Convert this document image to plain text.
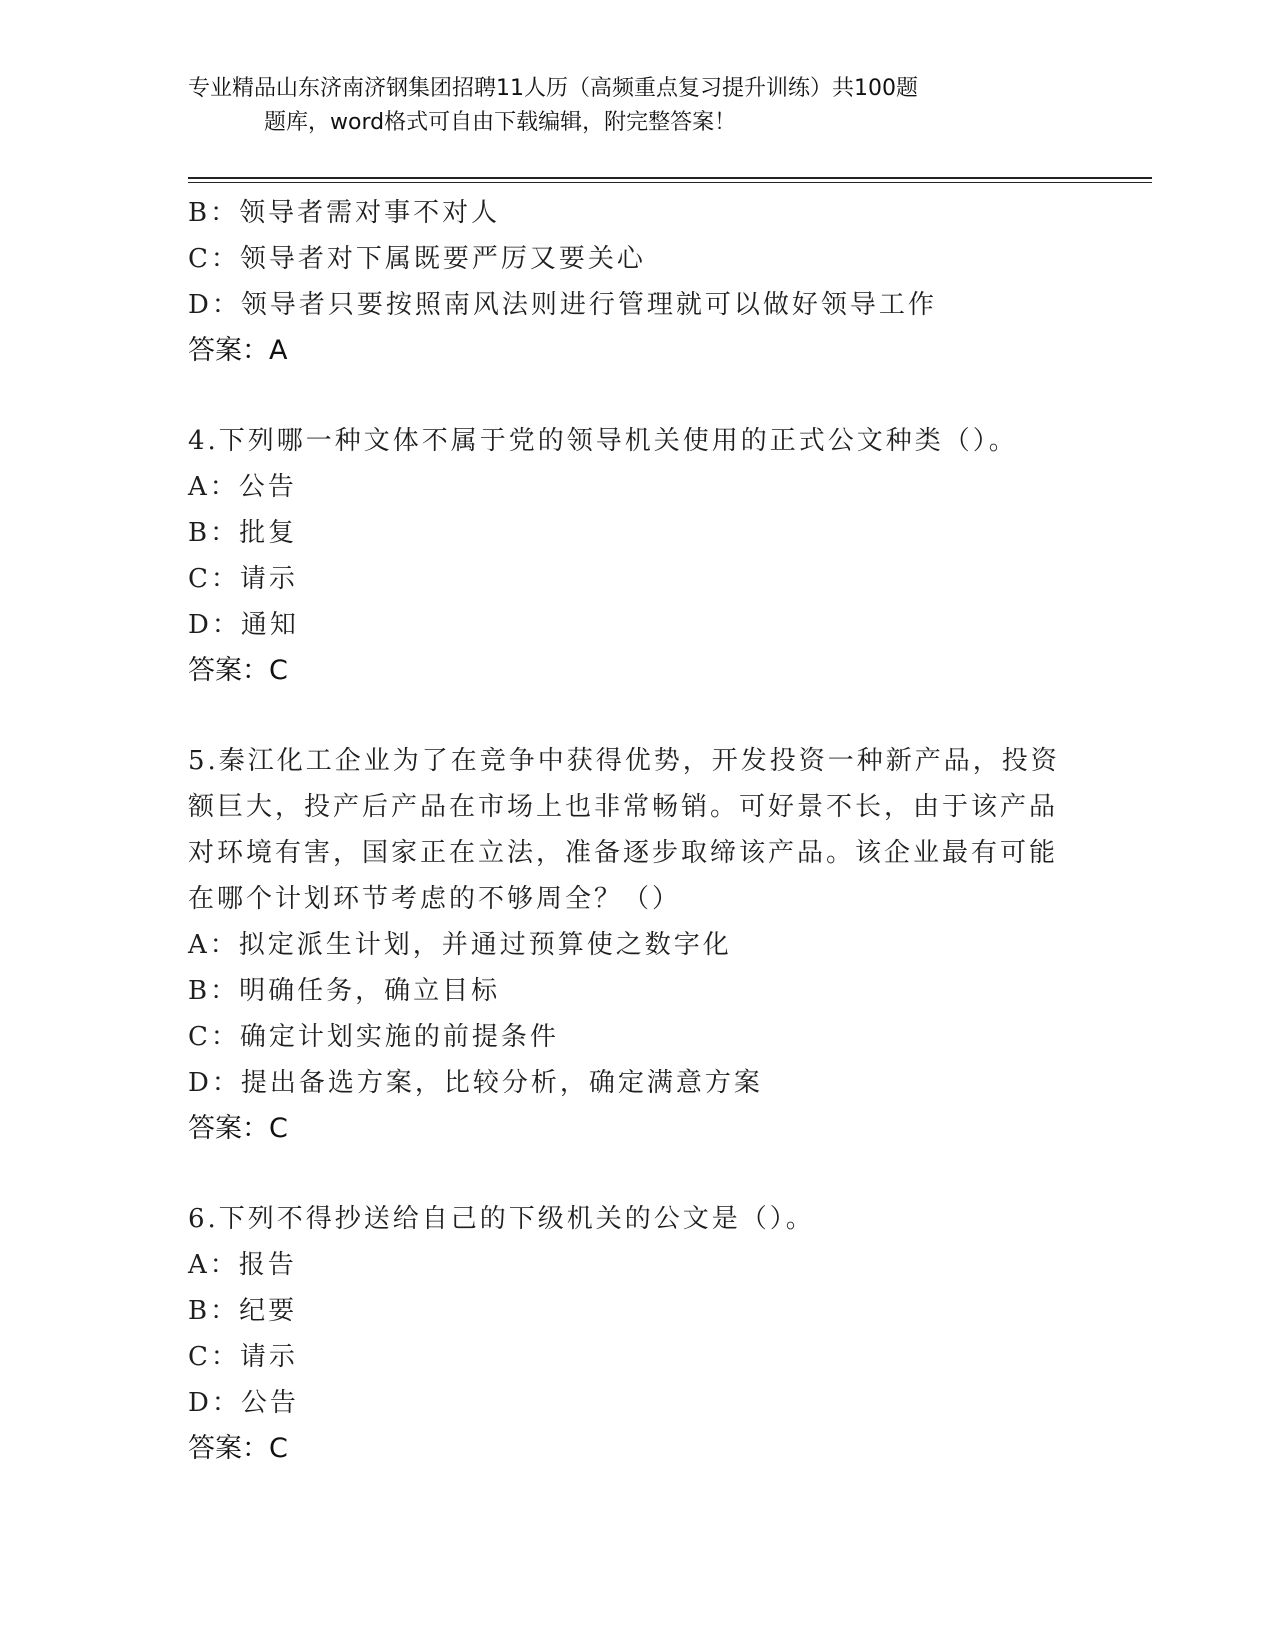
专业精品山东济南济钢集团招聘11人历（高频重点复习提升训练）共100题
题库，word格式可自由下载编辑，附完整答案！
B：领导者需对事不对人
C：领导者对下属既要严厉又要关心
D：领导者只要按照南风法则进行管理就可以做好领导工作
答案：A
4.下列哪一种文体不属于党的领导机关使用的正式公文种类（）。
A：公告
B：批复
C：请示
D：通知
答案：C
5.秦江化工企业为了在竞争中获得优势，开发投资一种新产品，投资
额巨大，投产后产品在市场上也非常畅销。可好景不长，由于该产品
对环境有害，国家正在立法，准备逐步取缔该产品。该企业最有可能
在哪个计划环节考虑的不够周全？（）
A：拟定派生计划，并通过预算使之数字化
B：明确任务，确立目标
C：确定计划实施的前提条件
D：提出备选方案，比较分析，确定满意方案
答案：C
6.下列不得抄送给自己的下级机关的公文是（）。
A：报告
B：纪要
C：请示
D：公告
答案：C
